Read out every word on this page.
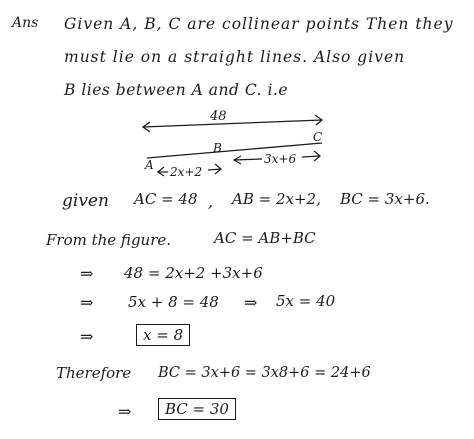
Ans Given A, B, C are collinear points Then they
must lie on a straight lines. Also given
B lies between A and C. i.e
48
A
B
C
2x+2
3x+6
given AC = 48 , AB = 2x+2, BC = 3x+6.
From the figure.	AC = AB+BC
⇒ 48 = 2x+2 +3x+6
⇒ 5x + 8 = 48 ⇒ 5x = 40
⇒	x = 8
Therefore BC = 3x+6 = 3x8+6 = 24+6
⇒	BC = 30
